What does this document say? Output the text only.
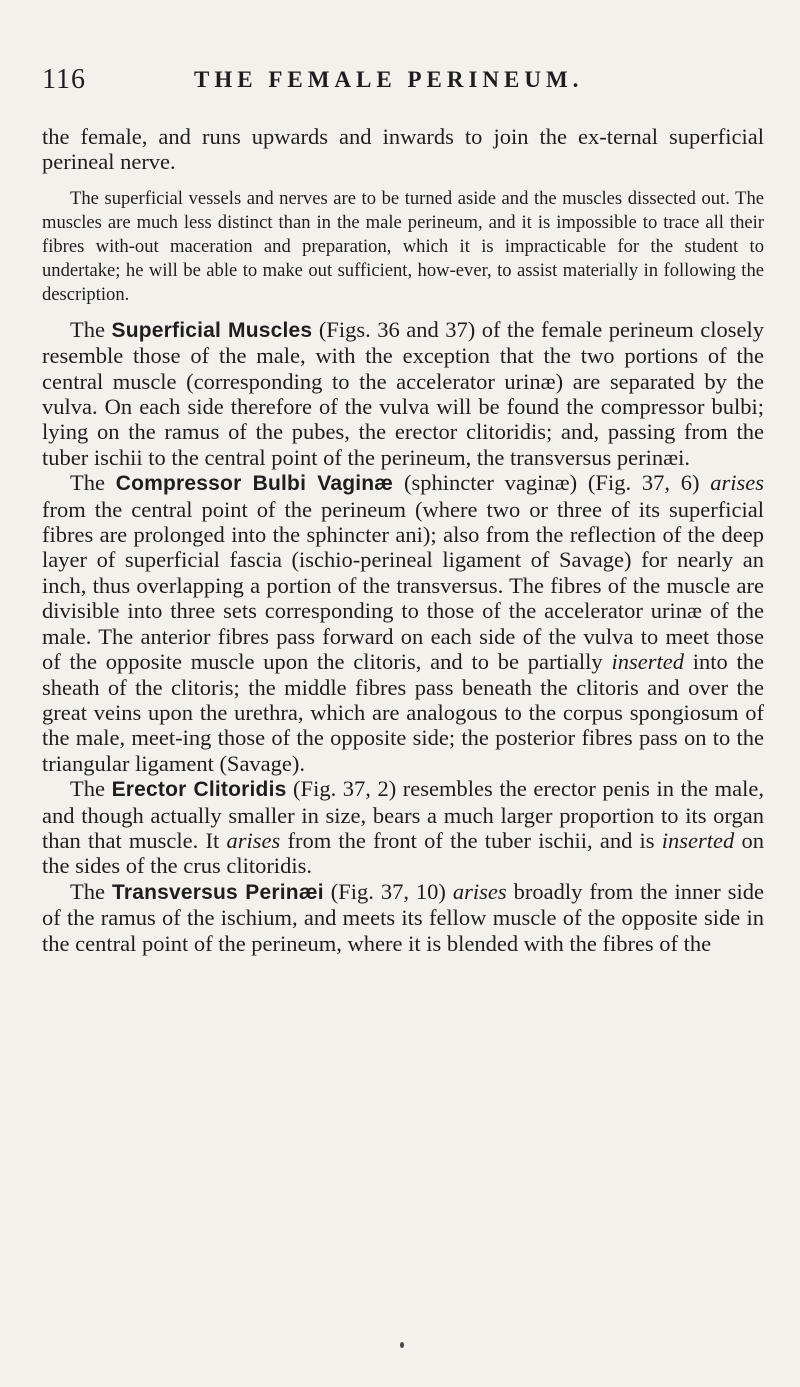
116	THE FEMALE PERINEUM.

the female, and runs upwards and inwards to join the ex-ternal superficial perineal nerve.

The superficial vessels and nerves are to be turned aside and the muscles dissected out. The muscles are much less distinct than in the male perineum, and it is impossible to trace all their fibres with-out maceration and preparation, which it is impracticable for the student to undertake; he will be able to make out sufficient, how-ever, to assist materially in following the description.

The Superficial Muscles (Figs. 36 and 37) of the female perineum closely resemble those of the male, with the exception that the two portions of the central muscle (corresponding to the accelerator urinæ) are separated by the vulva. On each side therefore of the vulva will be found the compressor bulbi; lying on the ramus of the pubes, the erector clitoridis; and, passing from the tuber ischii to the central point of the perineum, the transversus perinæi.

The Compressor Bulbi Vaginæ (sphincter vaginæ) (Fig. 37, 6) arises from the central point of the perineum (where two or three of its superficial fibres are prolonged into the sphincter ani); also from the reflection of the deep layer of superficial fascia (ischio-perineal ligament of Savage) for nearly an inch, thus overlapping a portion of the transversus. The fibres of the muscle are divisible into three sets corresponding to those of the accelerator urinæ of the male. The anterior fibres pass forward on each side of the vulva to meet those of the opposite muscle upon the clitoris, and to be partially inserted into the sheath of the clitoris; the middle fibres pass beneath the clitoris and over the great veins upon the urethra, which are analogous to the corpus spongiosum of the male, meet-ing those of the opposite side; the posterior fibres pass on to the triangular ligament (Savage).

The Erector Clitoridis (Fig. 37, 2) resembles the erector penis in the male, and though actually smaller in size, bears a much larger proportion to its organ than that muscle. It arises from the front of the tuber ischii, and is inserted on the sides of the crus clitoridis.

The Transversus Perinæi (Fig. 37, 10) arises broadly from the inner side of the ramus of the ischium, and meets its fellow muscle of the opposite side in the central point of the perineum, where it is blended with the fibres of the
